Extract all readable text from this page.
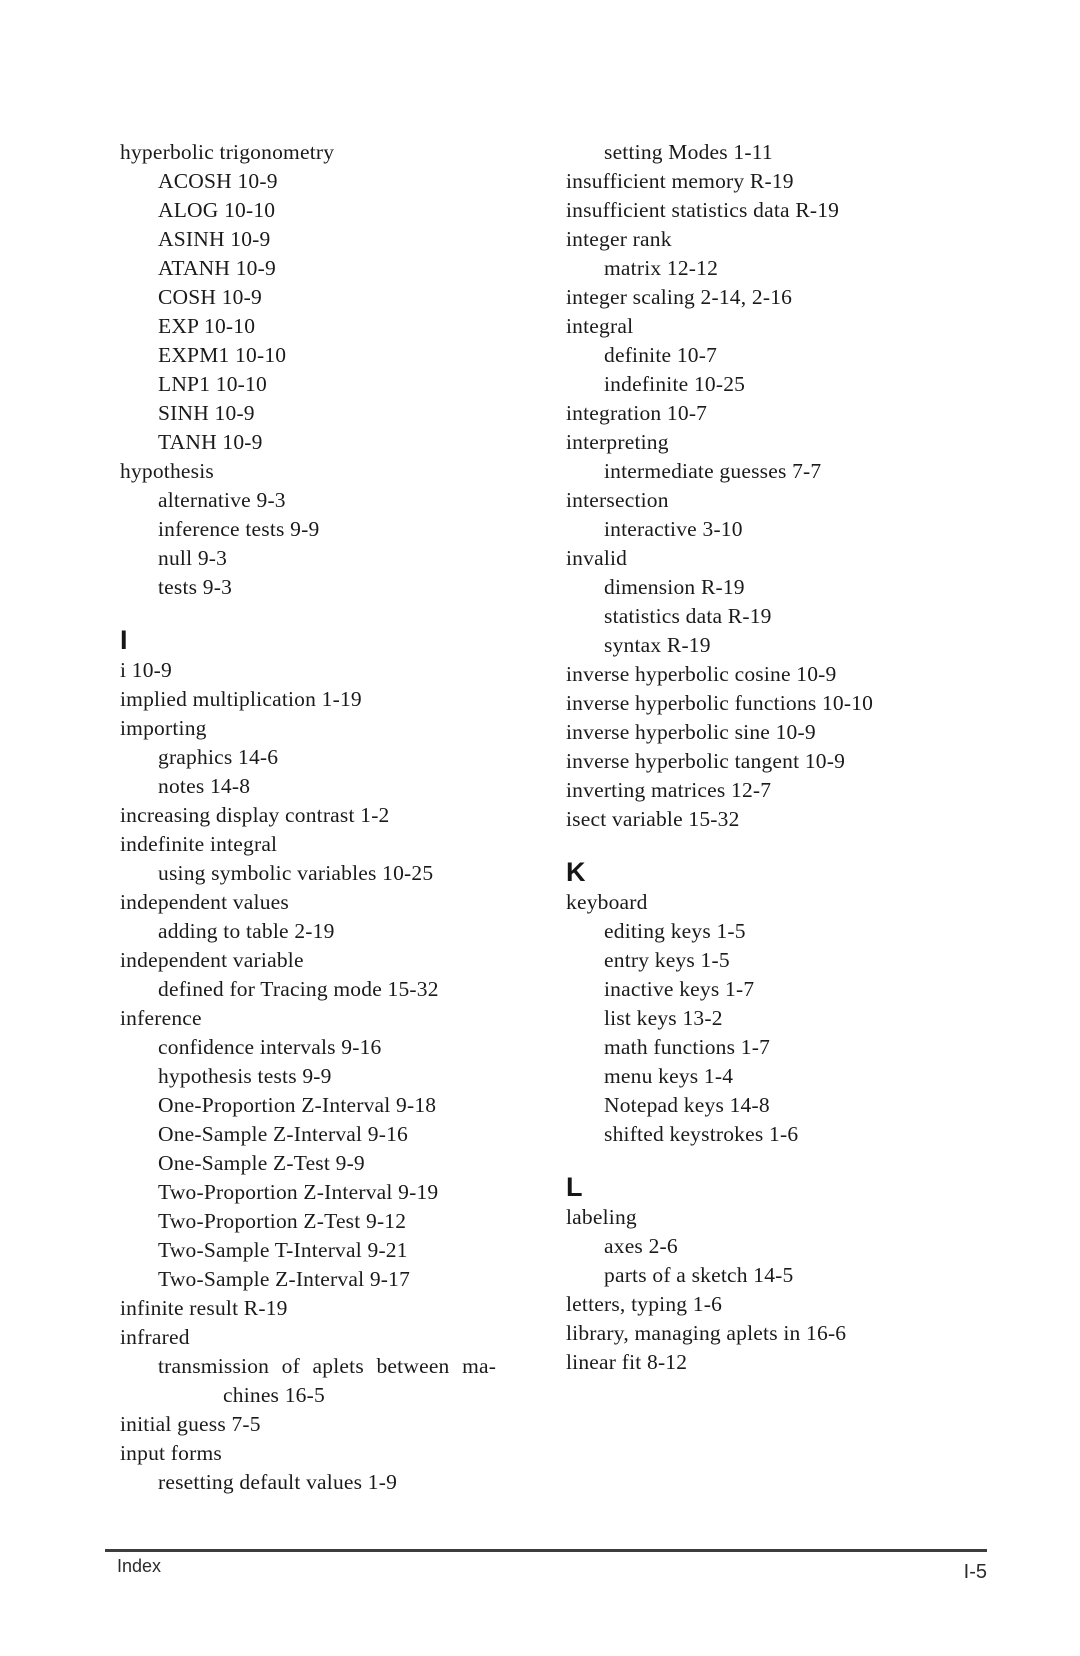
hyperbolic trigonometry
ACOSH 10-9
ALOG 10-10
ASINH 10-9
ATANH 10-9
COSH 10-9
EXP 10-10
EXPM1 10-10
LNP1 10-10
SINH 10-9
TANH 10-9
hypothesis
alternative 9-3
inference tests 9-9
null 9-3
tests 9-3
I
i 10-9
implied multiplication 1-19
importing
graphics 14-6
notes 14-8
increasing display contrast 1-2
indefinite integral
using symbolic variables 10-25
independent values
adding to table 2-19
independent variable
defined for Tracing mode 15-32
inference
confidence intervals 9-16
hypothesis tests 9-9
One-Proportion Z-Interval 9-18
One-Sample Z-Interval 9-16
One-Sample Z-Test 9-9
Two-Proportion Z-Interval 9-19
Two-Proportion Z-Test 9-12
Two-Sample T-Interval 9-21
Two-Sample Z-Interval 9-17
infinite result R-19
infrared
transmission of aplets between ma-
chines 16-5
initial guess 7-5
input forms
resetting default values 1-9
setting Modes 1-11
insufficient memory R-19
insufficient statistics data R-19
integer rank
matrix 12-12
integer scaling 2-14, 2-16
integral
definite 10-7
indefinite 10-25
integration 10-7
interpreting
intermediate guesses 7-7
intersection
interactive 3-10
invalid
dimension R-19
statistics data R-19
syntax R-19
inverse hyperbolic cosine 10-9
inverse hyperbolic functions 10-10
inverse hyperbolic sine 10-9
inverse hyperbolic tangent 10-9
inverting matrices 12-7
isect variable 15-32
K
keyboard
editing keys 1-5
entry keys 1-5
inactive keys 1-7
list keys 13-2
math functions 1-7
menu keys 1-4
Notepad keys 14-8
shifted keystrokes 1-6
L
labeling
axes 2-6
parts of a sketch 14-5
letters, typing 1-6
library, managing aplets in 16-6
linear fit 8-12
Index	I-5
